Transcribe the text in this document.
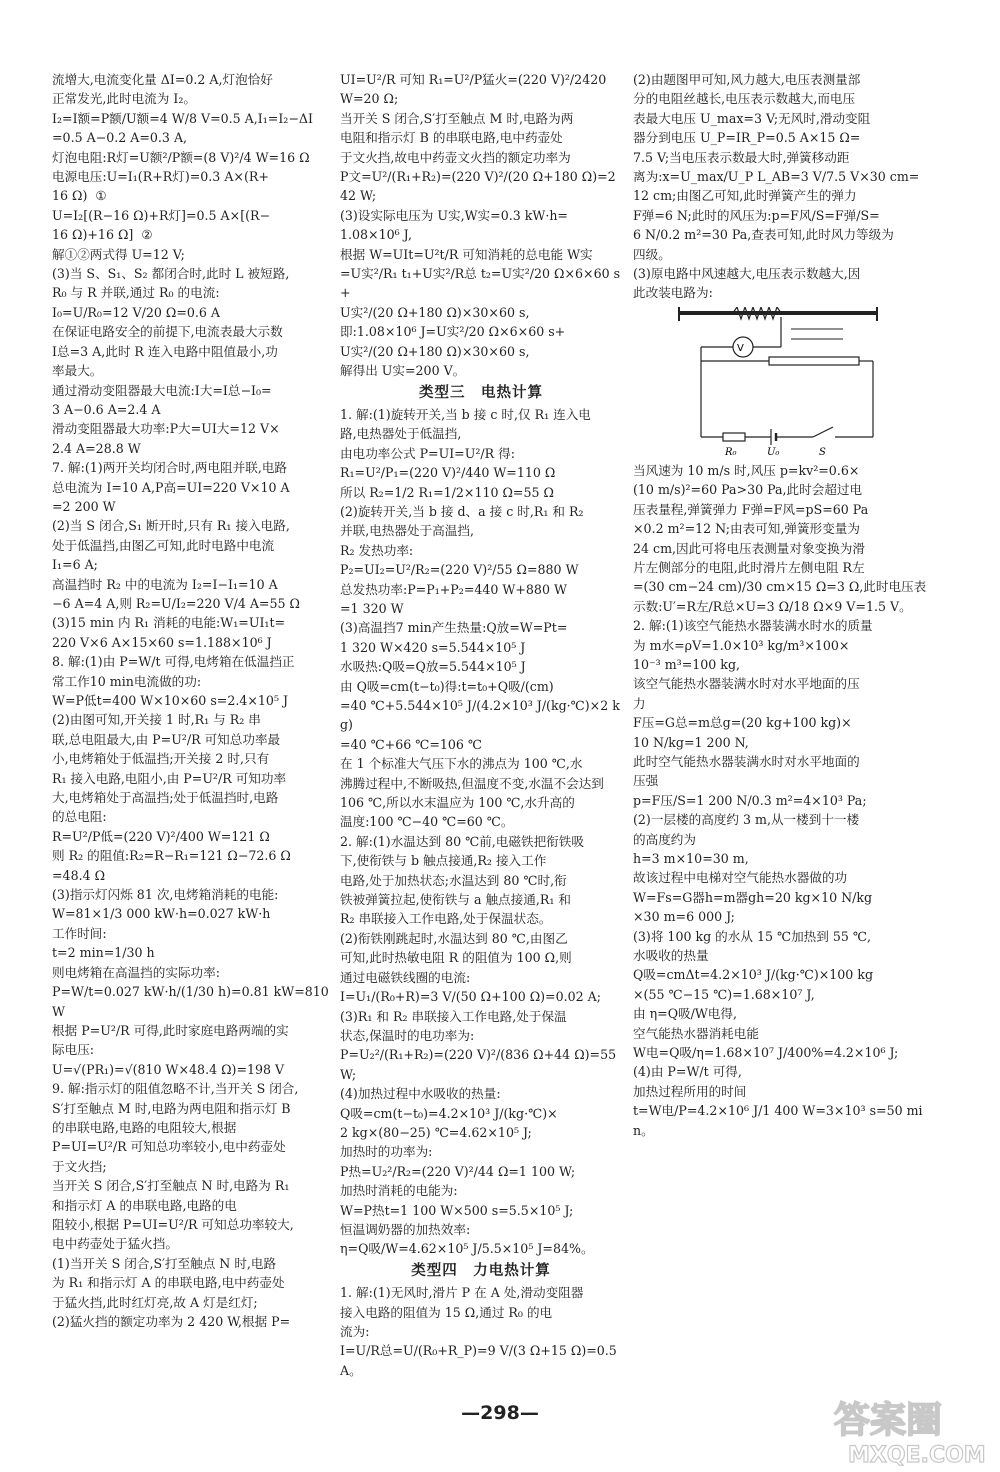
流增大,电流变化量 ΔI=0.2 A,灯泡恰好

正常发光,此时电流为 I₂。

I₂=I额=P额/U额=4 W/8 V=0.5 A,I₁=I₂−ΔI

=0.5 A−0.2 A=0.3 A,

灯泡电阻:R灯=U额²/P额=(8 V)²/4 W=16 Ω

电源电压:U=I₁(R+R灯)=0.3 A×(R+

16 Ω)  ①

U=I₂[(R−16 Ω)+R灯]=0.5 A×[(R−

16 Ω)+16 Ω]  ②

解①②两式得 U=12 V;

(3)当 S、S₁、S₂ 都闭合时,此时 L 被短路,

R₀ 与 R 并联,通过 R₀ 的电流:

I₀=U/R₀=12 V/20 Ω=0.6 A

在保证电路安全的前提下,电流表最大示数

I总=3 A,此时 R 连入电路中阻值最小,功

率最大。

通过滑动变阻器最大电流:I大=I总−I₀=

3 A−0.6 A=2.4 A

滑动变阻器最大功率:P大=UI大=12 V×

2.4 A=28.8 W

7. 解:(1)两开关均闭合时,两电阻并联,电路

总电流为 I=10 A,P高=UI=220 V×10 A

=2 200 W

(2)当 S 闭合,S₁ 断开时,只有 R₁ 接入电路,

处于低温挡,由图乙可知,此时电路中电流

I₁=6 A;

高温挡时 R₂ 中的电流为 I₂=I−I₁=10 A

−6 A=4 A,则 R₂=U/I₂=220 V/4 A=55 Ω

(3)15 min 内 R₁ 消耗的电能:W₁=UI₁t=

220 V×6 A×15×60 s=1.188×10⁶ J

8. 解:(1)由 P=W/t 可得,电烤箱在低温挡正

常工作10 min电流做的功:

W=P低t=400 W×10×60 s=2.4×10⁵ J

(2)由图可知,开关接 1 时,R₁ 与 R₂ 串

联,总电阻最大,由 P=U²/R 可知总功率最

小,电烤箱处于低温挡;开关接 2 时,只有

R₁ 接入电路,电阻小,由 P=U²/R 可知功率

大,电烤箱处于高温挡;处于低温挡时,电路

的总电阻:

R=U²/P低=(220 V)²/400 W=121 Ω

则 R₂ 的阻值:R₂=R−R₁=121 Ω−72.6 Ω

=48.4 Ω

(3)指示灯闪烁 81 次,电烤箱消耗的电能:

W=81×1/3 000 kW·h=0.027 kW·h

工作时间:

t=2 min=1/30 h

则电烤箱在高温挡的实际功率:

P=W/t=0.027 kW·h/(1/30 h)=0.81 kW=810 W

根据 P=U²/R 可得,此时家庭电路两端的实

际电压:

U=√(PR₁)=√(810 W×48.4 Ω)=198 V

9. 解:指示灯的阻值忽略不计,当开关 S 闭合,

S′打至触点 M 时,电路为两电阻和指示灯 B

的串联电路,电路的电阻较大,根据

P=UI=U²/R 可知总功率较小,电中药壶处

于文火挡;

当开关 S 闭合,S′打至触点 N 时,电路为 R₁

和指示灯 A 的串联电路,电路的电

阻较小,根据 P=UI=U²/R 可知总功率较大,

电中药壶处于猛火挡。

(1)当开关 S 闭合,S′打至触点 N 时,电路

为 R₁ 和指示灯 A 的串联电路,电中药壶处

于猛火挡,此时红灯亮,故 A 灯是红灯;

(2)猛火挡的额定功率为 2 420 W,根据 P=

UI=U²/R 可知 R₁=U²/P猛火=(220 V)²/2420 W=20 Ω;

当开关 S 闭合,S′打至触点 M 时,电路为两

电阻和指示灯 B 的串联电路,电中药壶处

于文火挡,故电中药壶文火挡的额定功率为

P文=U²/(R₁+R₂)=(220 V)²/(20 Ω+180 Ω)=242 W;

(3)设实际电压为 U实,W实=0.3 kW·h=

1.08×10⁶ J,

根据 W=UIt=U²t/R 可知消耗的总电能 W实

=U实²/R₁ t₁+U实²/R总 t₂=U实²/20 Ω×6×60 s+

U实²/(20 Ω+180 Ω)×30×60 s,

即:1.08×10⁶ J=U实²/20 Ω×6×60 s+

U实²/(20 Ω+180 Ω)×30×60 s,

解得出 U实=200 V。

类型三　电热计算

1. 解:(1)旋转开关,当 b 接 c 时,仅 R₁ 连入电

路,电热器处于低温挡,

由电功率公式 P=UI=U²/R 得:

R₁=U²/P₁=(220 V)²/440 W=110 Ω

所以 R₂=1/2 R₁=1/2×110 Ω=55 Ω

(2)旋转开关,当 b 接 d、a 接 c 时,R₁ 和 R₂

并联,电热器处于高温挡,

R₂ 发热功率:

P₂=UI₂=U²/R₂=(220 V)²/55 Ω=880 W

总发热功率:P=P₁+P₂=440 W+880 W

=1 320 W

(3)高温挡7 min产生热量:Q放=W=Pt=

1 320 W×420 s=5.544×10⁵ J

水吸热:Q吸=Q放=5.544×10⁵ J

由 Q吸=cm(t−t₀)得:t=t₀+Q吸/(cm)

=40 ℃+5.544×10⁵ J/(4.2×10³ J/(kg·℃)×2 kg)

=40 ℃+66 ℃=106 ℃

在 1 个标准大气压下水的沸点为 100 ℃,水

沸腾过程中,不断吸热,但温度不变,水温不会达到

106 ℃,所以水末温应为 100 ℃,水升高的

温度:100 ℃−40 ℃=60 ℃。

2. 解:(1)水温达到 80 ℃前,电磁铁把衔铁吸

下,使衔铁与 b 触点接通,R₂ 接入工作

电路,处于加热状态;水温达到 80 ℃时,衔

铁被弹簧拉起,使衔铁与 a 触点接通,R₁ 和

R₂ 串联接入工作电路,处于保温状态。

(2)衔铁刚跳起时,水温达到 80 ℃,由图乙

可知,此时热敏电阻 R 的阻值为 100 Ω,则

通过电磁铁线圈的电流:

I=U₁/(R₀+R)=3 V/(50 Ω+100 Ω)=0.02 A;

(3)R₁ 和 R₂ 串联接入工作电路,处于保温

状态,保温时的电功率为:

P=U₂²/(R₁+R₂)=(220 V)²/(836 Ω+44 Ω)=55 W;

(4)加热过程中水吸收的热量:

Q吸=cm(t−t₀)=4.2×10³ J/(kg·℃)×

2 kg×(80−25) ℃=4.62×10⁵ J;

加热时的功率为:

P热=U₂²/R₂=(220 V)²/44 Ω=1 100 W;

加热时消耗的电能为:

W=P热t=1 100 W×500 s=5.5×10⁵ J;

恒温调奶器的加热效率:

η=Q吸/W=4.62×10⁵ J/5.5×10⁵ J=84%。

类型四　力电热计算

1. 解:(1)无风时,滑片 P 在 A 处,滑动变阻器

接入电路的阻值为 15 Ω,通过 R₀ 的电

流为:

I=U/R总=U/(R₀+R_P)=9 V/(3 Ω+15 Ω)=0.5 A。

(2)由题图甲可知,风力越大,电压表测量部

分的电阻丝越长,电压表示数越大,而电压

表最大电压 U_max=3 V;无风时,滑动变阻

器分到电压 U_P=IR_P=0.5 A×15 Ω=

7.5 V;当电压表示数最大时,弹簧移动距

离为:x=U_max/U_P L_AB=3 V/7.5 V×30 cm=

12 cm;由图乙可知,此时弹簧产生的弹力

F弹=6 N;此时的风压为:p=F风/S=F弹/S=

6 N/0.2 m²=30 Pa,查表可知,此时风力等级为

四级。

(3)原电路中风速越大,电压表示数越大,因

此改装电路为:

V
R₀	U₀	S

当风速为 10 m/s 时,风压 p=kv²=0.6×

(10 m/s)²=60 Pa>30 Pa,此时会超过电

压表量程,弹簧弹力 F弹=F风=pS=60 Pa

×0.2 m²=12 N;由表可知,弹簧形变量为

24 cm,因此可将电压表测量对象变换为滑

片左侧部分的电阻,此时滑片左侧电阻 R左

=(30 cm−24 cm)/30 cm×15 Ω=3 Ω,此时电压表

示数:U′=R左/R总×U=3 Ω/18 Ω×9 V=1.5 V。

2. 解:(1)该空气能热水器装满水时水的质量

为 m水=ρV=1.0×10³ kg/m³×100×

10⁻³ m³=100 kg,

该空气能热水器装满水时对水平地面的压

力

F压=G总=m总g=(20 kg+100 kg)×

10 N/kg=1 200 N,

此时空气能热水器装满水时对水平地面的

压强

p=F压/S=1 200 N/0.3 m²=4×10³ Pa;

(2)一层楼的高度约 3 m,从一楼到十一楼

的高度约为

h=3 m×10=30 m,

故该过程中电梯对空气能热水器做的功

W=Fs=G器h=m器gh=20 kg×10 N/kg

×30 m=6 000 J;

(3)将 100 kg 的水从 15 ℃加热到 55 ℃,

水吸收的热量

Q吸=cmΔt=4.2×10³ J/(kg·℃)×100 kg

×(55 ℃−15 ℃)=1.68×10⁷ J,

由 η=Q吸/W电得,

空气能热水器消耗电能

W电=Q吸/η=1.68×10⁷ J/400%=4.2×10⁶ J;

(4)由 P=W/t 可得,

加热过程所用的时间

t=W电/P=4.2×10⁶ J/1 400 W=3×10³ s=50 min。

—298—	答案圈
MXQE.COM
